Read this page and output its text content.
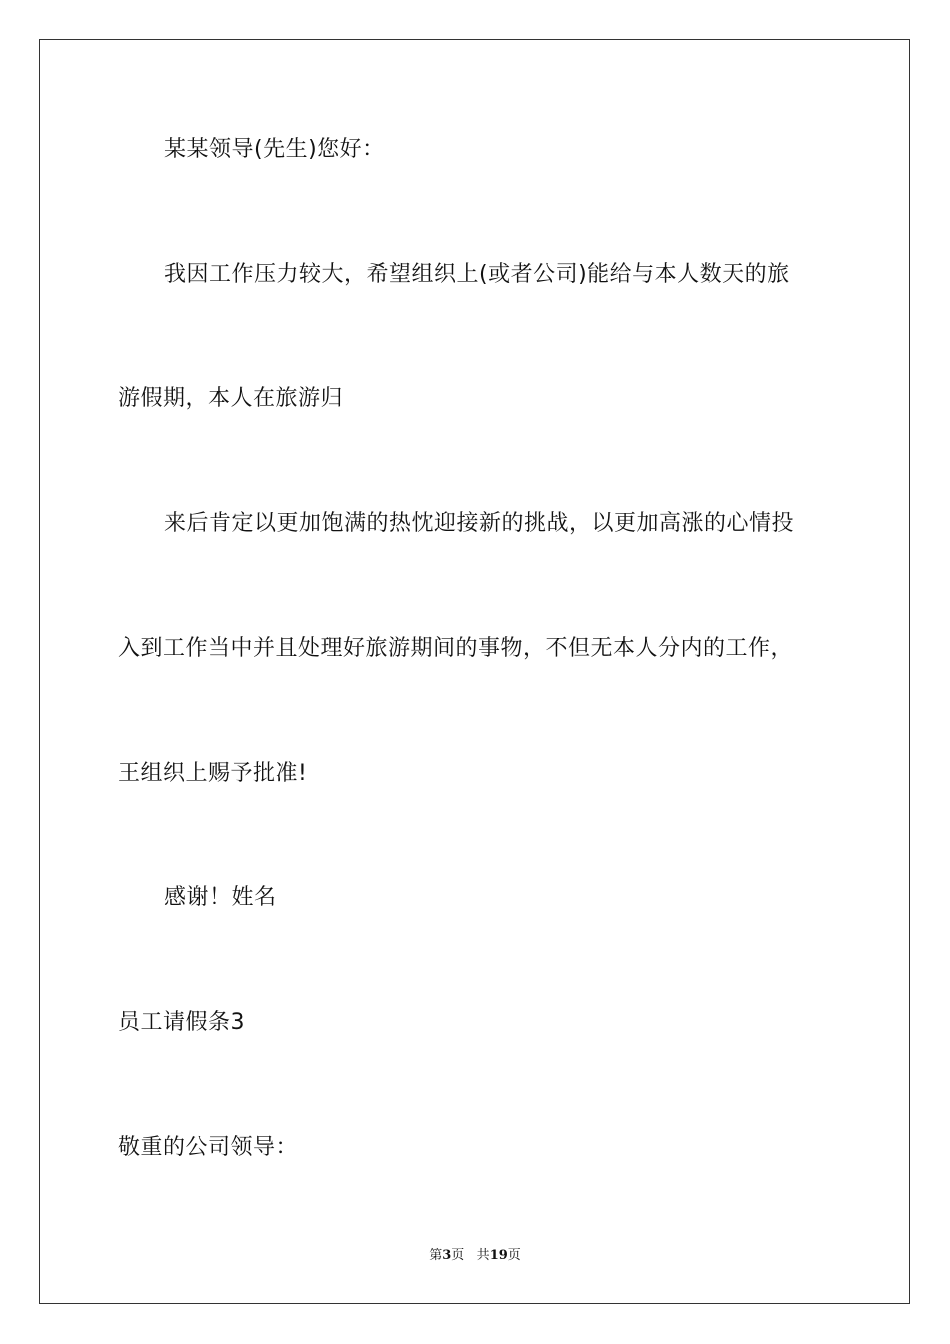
某某领导(先生)您好：
我因工作压力较大，希望组织上(或者公司)能给与本人数天的旅
游假期，本人在旅游归
来后肯定以更加饱满的热忱迎接新的挑战，以更加高涨的心情投
入到工作当中并且处理好旅游期间的事物，不但无本人分内的工作，
王组织上赐予批准!
感谢！姓名
员工请假条3
敬重的公司领导：
第3页 共19页
